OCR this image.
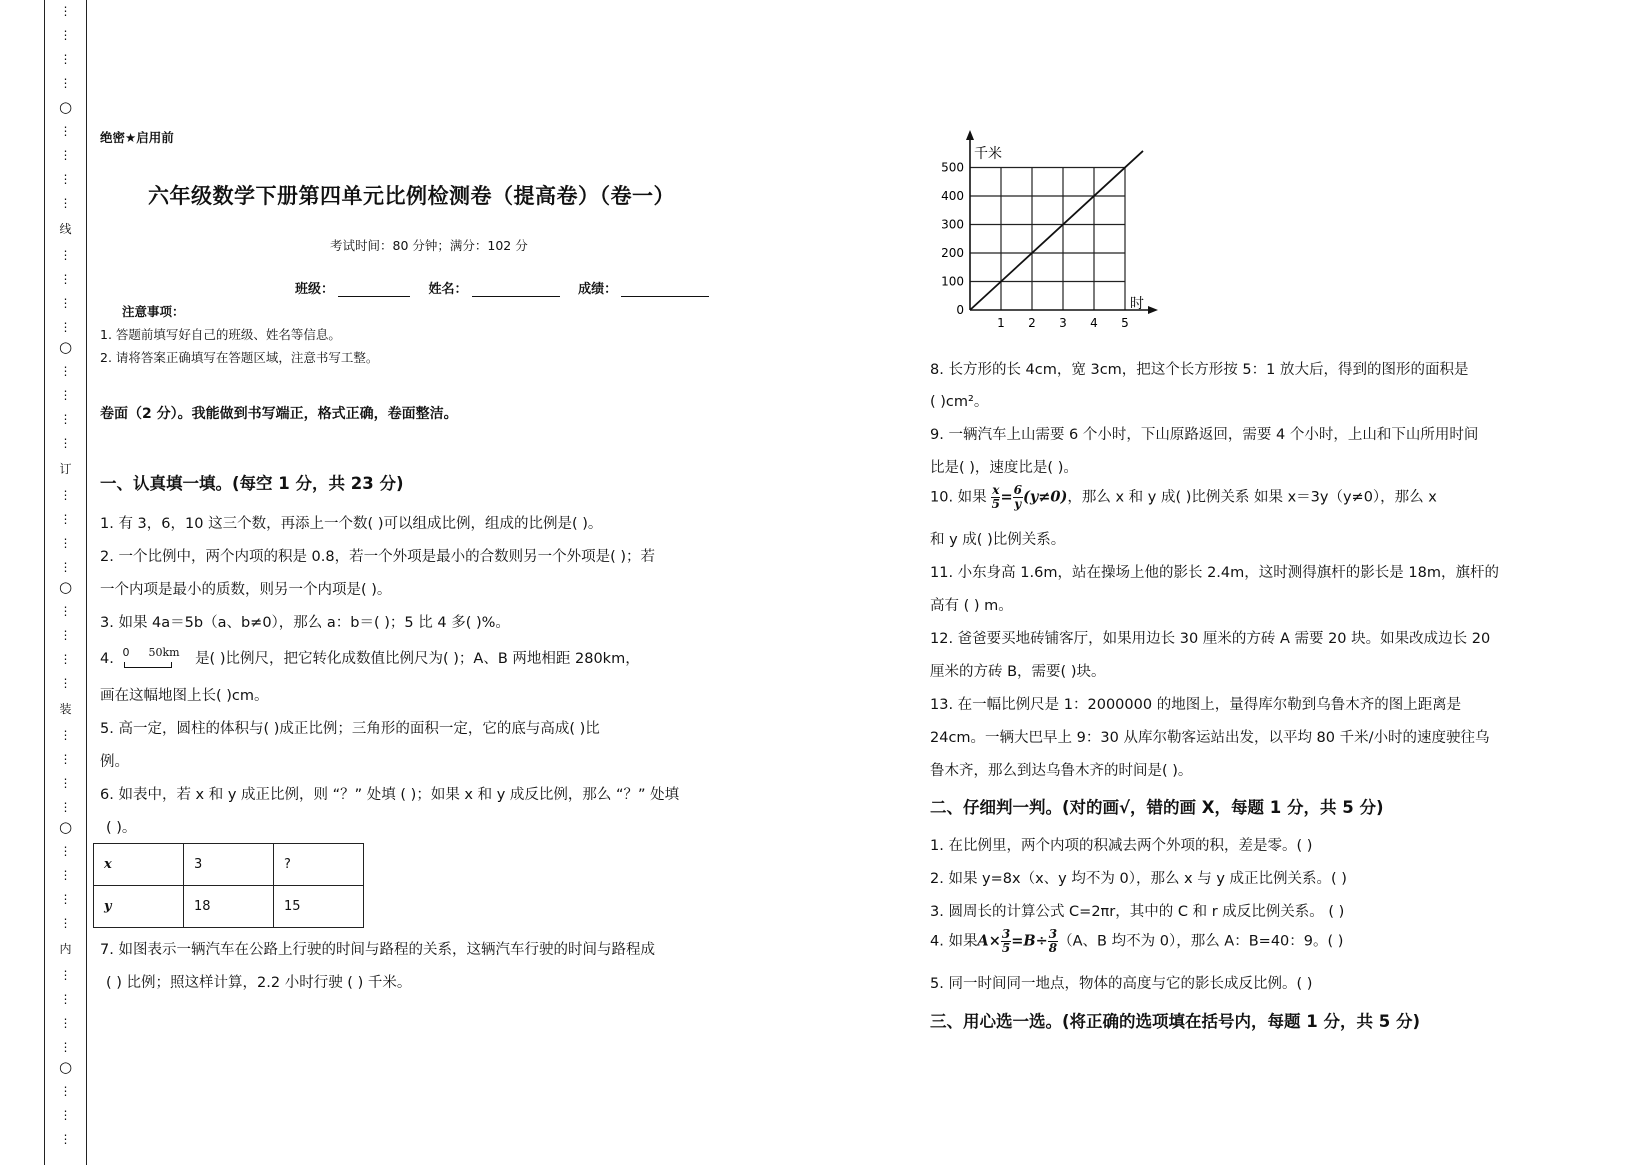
⋮
⋮
⋮
⋮
○
⋮
⋮
⋮
⋮
线
⋮
⋮
⋮
⋮
○
⋮
⋮
⋮
⋮
订
⋮
⋮
⋮
⋮
○
⋮
⋮
⋮
⋮
装
⋮
⋮
⋮
⋮
○
⋮
⋮
⋮
⋮
内
⋮
⋮
⋮
⋮
○
⋮
⋮
⋮
绝密★启用前
六年级数学下册第四单元比例检测卷（提高卷）（卷一）
考试时间：80 分钟；满分：102 分
班级：	姓名：	成绩：
注意事项：
1. 答题前填写好自己的班级、姓名等信息。
2. 请将答案正确填写在答题区域，注意书写工整。
卷面（2 分）。我能做到书写端正，格式正确，卷面整洁。
一、认真填一填。(每空 1 分，共 23 分)
1. 有 3，6，10 这三个数，再添上一个数( )可以组成比例，组成的比例是( )。
2. 一个比例中，两个内项的积是 0.8，若一个外项是最小的合数则另一个外项是( )；若
一个内项是最小的质数，则另一个内项是( )。
3. 如果 4a＝5b（a、b≠0），那么 a：b＝( )；5 比 4 多( )%。
4. 0 50km 是( )比例尺，把它转化成数值比例尺为( )；A、B 两地相距 280km，
画在这幅地图上长( )cm。
5. 高一定，圆柱的体积与( )成正比例；三角形的面积一定，它的底与高成( )比
例。
6. 如表中，若 x 和 y 成正比例，则 “？” 处填 ( )；如果 x 和 y 成反比例，那么 “？” 处填
( )。
x	3	?
y	18	15
7. 如图表示一辆汽车在公路上行驶的时间与路程的关系，这辆汽车行驶的时间与路程成
( ) 比例；照这样计算，2.2 小时行驶 ( ) 千米。
0
100
200
300
400
500
1 2 3 4 5
千米
时
8. 长方形的长 4cm，宽 3cm，把这个长方形按 5：1 放大后，得到的图形的面积是
( )cm²。
9. 一辆汽车上山需要 6 个小时，下山原路返回，需要 4 个小时，上山和下山所用时间
比是( )，速度比是( )。
10. 如果 $\frac{x}{5} = \frac{6}{y} (y\ne 0)$，那么 x 和 y 成( )比例关系 如果 x＝3y（y≠0），那么 x
和 y 成( )比例关系。
11. 小东身高 1.6m，站在操场上他的影长 2.4m，这时测得旗杆的影长是 18m，旗杆的
高有 ( ) m。
12. 爸爸要买地砖铺客厅，如果用边长 30 厘米的方砖 A 需要 20 块。如果改成边长 20
厘米的方砖 B，需要( )块。
13. 在一幅比例尺是 1：2000000 的地图上，量得库尔勒到乌鲁木齐的图上距离是
24cm。一辆大巴早上 9：30 从库尔勒客运站出发，以平均 80 千米/小时的速度驶往乌
鲁木齐，那么到达乌鲁木齐的时间是( )。
二、仔细判一判。(对的画√，错的画 X，每题 1 分，共 5 分)
1. 在比例里，两个内项的积减去两个外项的积，差是零。( )
2. 如果 y=8x（x、y 均不为 0），那么 x 与 y 成正比例关系。( )
3. 圆周长的计算公式 C=2πr，其中的 C 和 r 成反比例关系。 ( )
4. 如果$A\times \frac{3}{5} =B\div \frac{3}{8} (A$、B 均不为 0），那么 A：B=40：9。( )
5. 同一时间同一地点，物体的高度与它的影长成反比例。( )
三、用心选一选。(将正确的选项填在括号内，每题 1 分，共 5 分)
